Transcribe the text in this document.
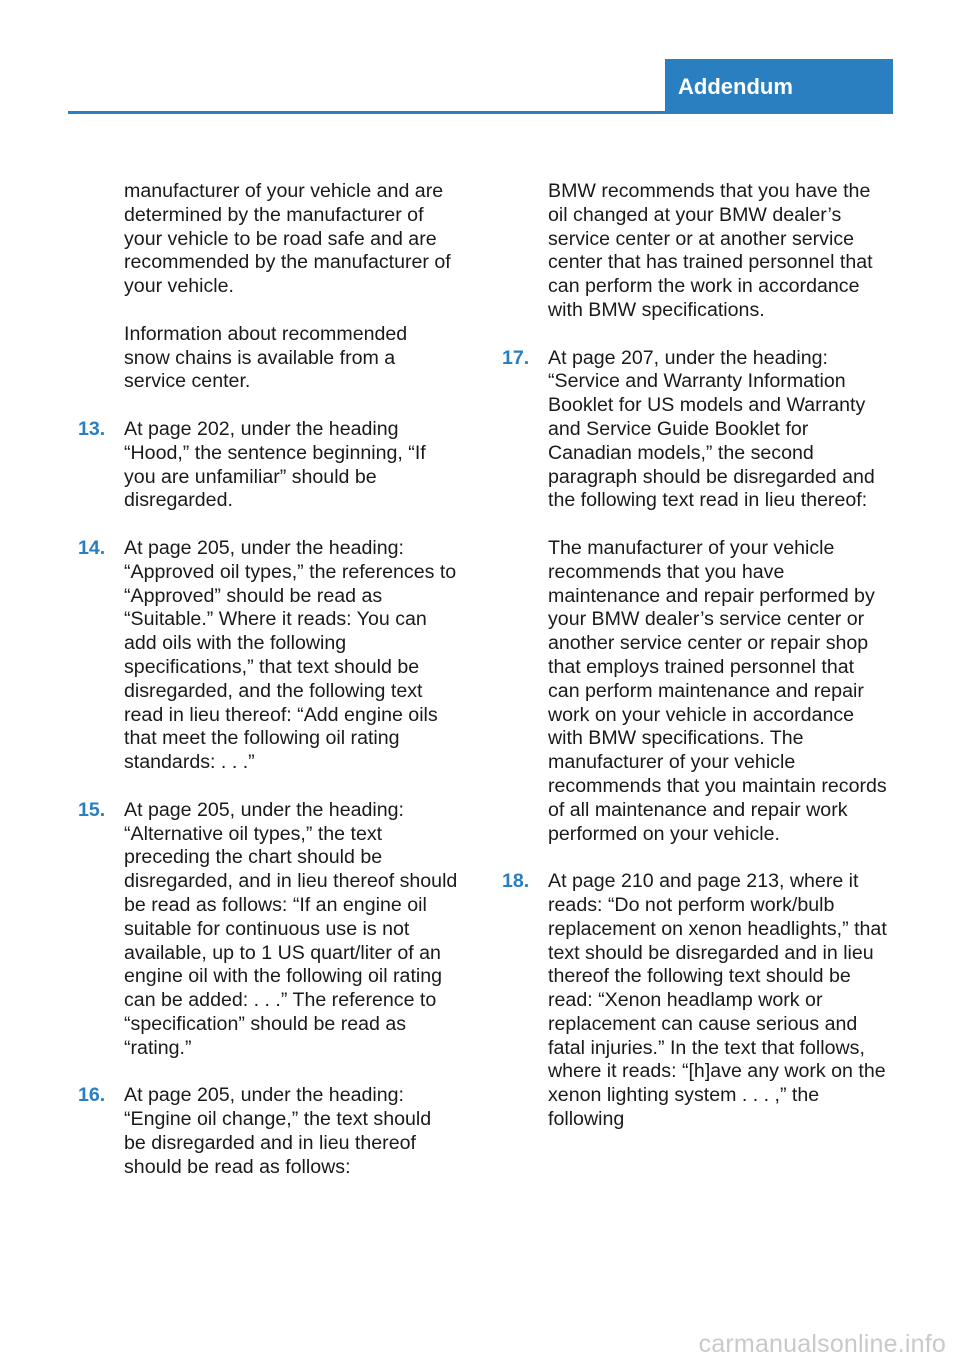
Addendum

manufacturer of your vehicle and are determined by the manufacturer of your vehicle to be road safe and are recommended by the manufacturer of your vehicle.

Information about recommended snow chains is available from a service center.

13. At page 202, under the heading “Hood,” the sentence beginning, “If you are unfamiliar” should be disregarded.
14. At page 205, under the heading: “Approved oil types,” the references to “Approved” should be read as “Suitable.” Where it reads: You can add oils with the following specifications,” that text should be disregarded, and the following text read in lieu thereof: “Add engine oils that meet the following oil rating standards: . . .”
15. At page 205, under the heading: “Alternative oil types,” the text preceding the chart should be disregarded, and in lieu thereof should be read as follows: “If an engine oil suitable for continuous use is not available, up to 1 US quart/liter of an engine oil with the following oil rating can be added: . . .” The reference to “specification” should be read as “rating.”
16. At page 205, under the heading: “Engine oil change,” the text should be disregarded and in lieu thereof should be read as follows:

BMW recommends that you have the oil changed at your BMW dealer’s service center or at another service center that has trained personnel that can perform the work in accordance with BMW specifications.

17. At page 207, under the heading: “Service and Warranty Information Booklet for US models and Warranty and Service Guide Booklet for Canadian models,” the second paragraph should be disregarded and the following text read in lieu thereof:

The manufacturer of your vehicle recommends that you have maintenance and repair performed by your BMW dealer’s service center or another service center or repair shop that employs trained personnel that can perform maintenance and repair work on your vehicle in accordance with BMW specifications. The manufacturer of your vehicle recommends that you maintain records of all maintenance and repair work performed on your vehicle.

18. At page 210 and page 213, where it reads: “Do not perform work/bulb replacement on xenon headlights,” that text should be disregarded and in lieu thereof the following text should be read: “Xenon headlamp work or replacement can cause serious and fatal injuries.” In the text that follows, where it reads: “[h]ave any work on the xenon lighting system . . . ,” the following
carmanualsonline.info
